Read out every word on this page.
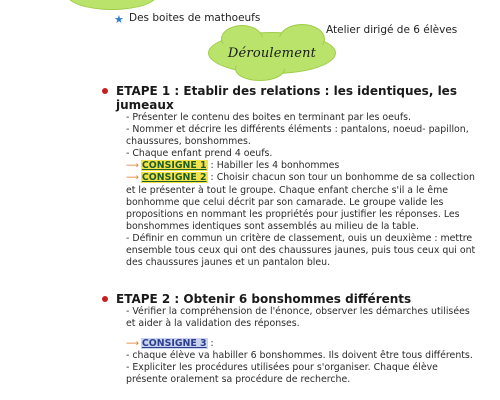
★ Des boites de mathoeufs
Atelier dirigé de 6 élèves
Déroulement
ETAPE 1 : Etablir des relations : les identiques, les
jumeaux
- Présenter le contenu des boites en terminant par les oeufs.
- Nommer et décrire les différents éléments : pantalons, noeud- papillon,
chaussures, bonshommes.
- Chaque enfant prend 4 oeufs.
⟶ CONSIGNE 1 : Habiller les 4 bonhommes
⟶ CONSIGNE 2 : Choisir chacun son tour un bonhomme de sa collection
et le présenter à tout le groupe. Chaque enfant cherche s'il a le ême
bonhomme que celui décrit par son camarade. Le groupe valide les
propositions en nommant les propriétés pour justifier les réponses. Les
bonshommes identiques sont assemblés au milieu de la table.
- Définir en commun un critère de classement, ouis un deuxième : mettre
ensemble tous ceux qui ont des chaussures jaunes, puis tous ceux qui ont
des chaussures jaunes et un pantalon bleu.
ETAPE 2 : Obtenir 6 bonshommes différents
- Vérifier la compréhension de l'énonce, observer les démarches utilisées
et aider à la validation des réponses.
⟶ CONSIGNE 3 :
- chaque élève va habiller 6 bonshommes. Ils doivent être tous différents.
- Expliciter les procédures utilisées pour s'organiser. Chaque élève
présente oralement sa procédure de recherche.
